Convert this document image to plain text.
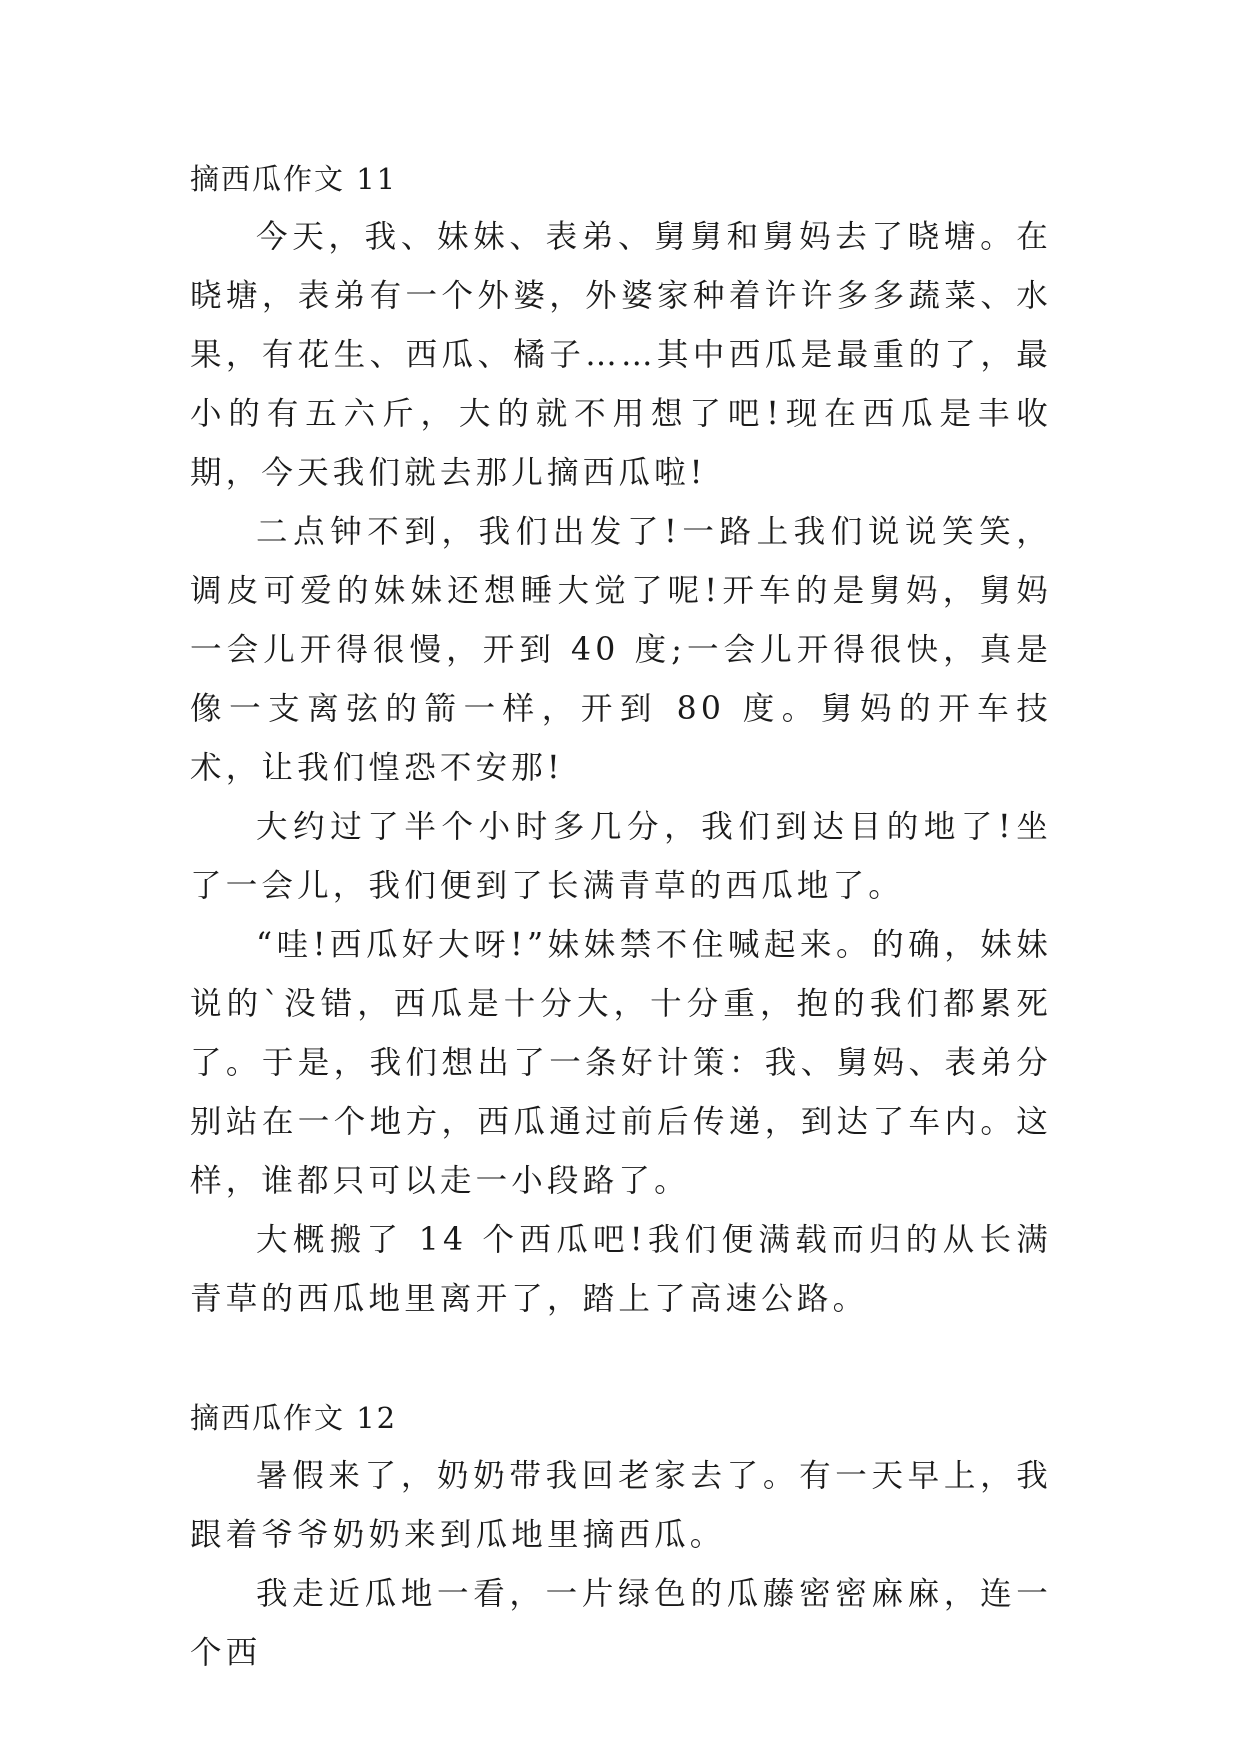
摘西瓜作文 11

今天，我、妹妹、表弟、舅舅和舅妈去了晓塘。在晓塘，表弟有一个外婆，外婆家种着许许多多蔬菜、水果，有花生、西瓜、橘子……其中西瓜是最重的了，最小的有五六斤，大的就不用想了吧!现在西瓜是丰收期，今天我们就去那儿摘西瓜啦!

二点钟不到，我们出发了!一路上我们说说笑笑，调皮可爱的妹妹还想睡大觉了呢!开车的是舅妈，舅妈一会儿开得很慢，开到 40 度;一会儿开得很快，真是像一支离弦的箭一样，开到 80 度。舅妈的开车技术，让我们惶恐不安那!

大约过了半个小时多几分，我们到达目的地了!坐了一会儿，我们便到了长满青草的西瓜地了。

“哇!西瓜好大呀!”妹妹禁不住喊起来。的确，妹妹说的`没错，西瓜是十分大，十分重，抱的我们都累死了。于是，我们想出了一条好计策：我、舅妈、表弟分别站在一个地方，西瓜通过前后传递，到达了车内。这样，谁都只可以走一小段路了。

大概搬了 14 个西瓜吧!我们便满载而归的从长满青草的西瓜地里离开了，踏上了高速公路。

摘西瓜作文 12

暑假来了，奶奶带我回老家去了。有一天早上，我跟着爷爷奶奶来到瓜地里摘西瓜。

我走近瓜地一看，一片绿色的瓜藤密密麻麻，连一个西
